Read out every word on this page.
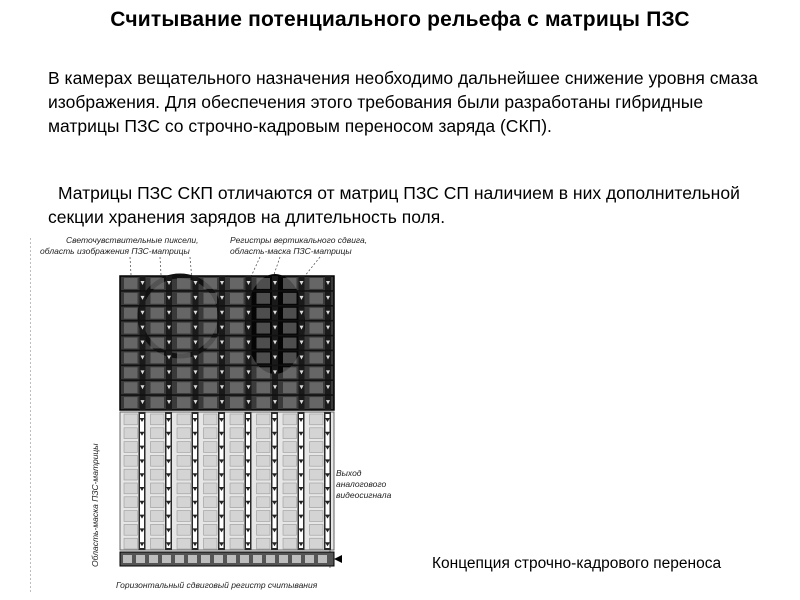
Считывание потенциального рельефа с матрицы ПЗС

В камерах вещательного назначения необходимо дальнейшее снижение уровня смаза изображения. Для обеспечения этого требования были разработаны гибридные матрицы ПЗС со строчно-кадровым переносом заряда (СКП).

Матрицы ПЗС СКП отличаются от матриц ПЗС СП наличием в них дополнительной секции хранения зарядов на длительность поля.

Светочувствительные пиксели,
область изображения ПЗС-матрицы
Регистры вертикального сдвига,
область-маска ПЗС-матрицы
Область-маска ПЗС-матрицы	Выход
аналогового
видеосигнала
Горизонтальный сдвиговый регистр считывания

Концепция строчно-кадрового переноса
